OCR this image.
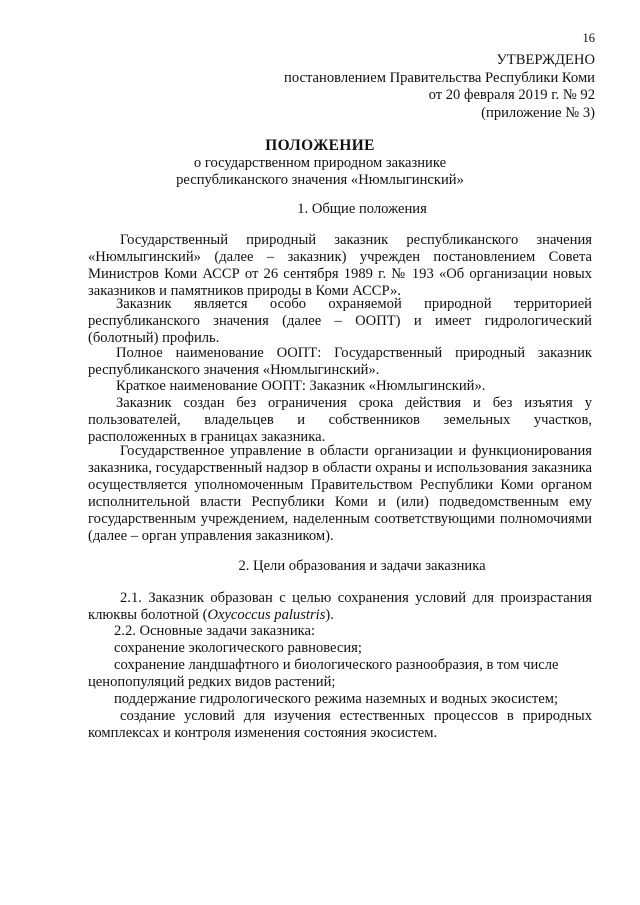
16
УТВЕРЖДЕНО
постановлением Правительства Республики Коми
от 20 февраля 2019 г. № 92
(приложение № 3)
ПОЛОЖЕНИЕ
о государственном природном заказнике
республиканского значения «Нюмлыгинский»
1. Общие положения

Государственный природный заказник республиканского значения «Нюмлыгинский» (далее – заказник) учрежден постановлением Совета Министров Коми АССР от 26 сентября 1989 г. № 193 «Об организации новых заказников и памятников природы в Коми АССР».

Заказник является особо охраняемой природной территорией республиканского значения (далее – ООПТ) и имеет гидрологический (болотный) профиль.

Полное наименование ООПТ: Государственный природный заказник республиканского значения «Нюмлыгинский».

Краткое наименование ООПТ: Заказник «Нюмлыгинский».

Заказник создан без ограничения срока действия и без изъятия у пользователей, владельцев и собственников земельных участков, расположенных в границах заказника.

Государственное управление в области организации и функционирования заказника, государственный надзор в области охраны и использования заказника осуществляется уполномоченным Правительством Республики Коми органом исполнительной власти Республики Коми и (или) подведомственным ему государственным учреждением, наделенным соответствующими полномочиями (далее – орган управления заказником).

2. Цели образования и задачи заказника

2.1. Заказник образован с целью сохранения условий для произрастания клюквы болотной (Oxycoccus palustris).

2.2. Основные задачи заказника:

сохранение экологического равновесия;

сохранение ландшафтного и биологического разнообразия, в том числе

ценопопуляций редких видов растений;

поддержание гидрологического режима наземных и водных экосистем;

создание условий для изучения естественных процессов в природных комплексах и контроля изменения состояния экосистем.
